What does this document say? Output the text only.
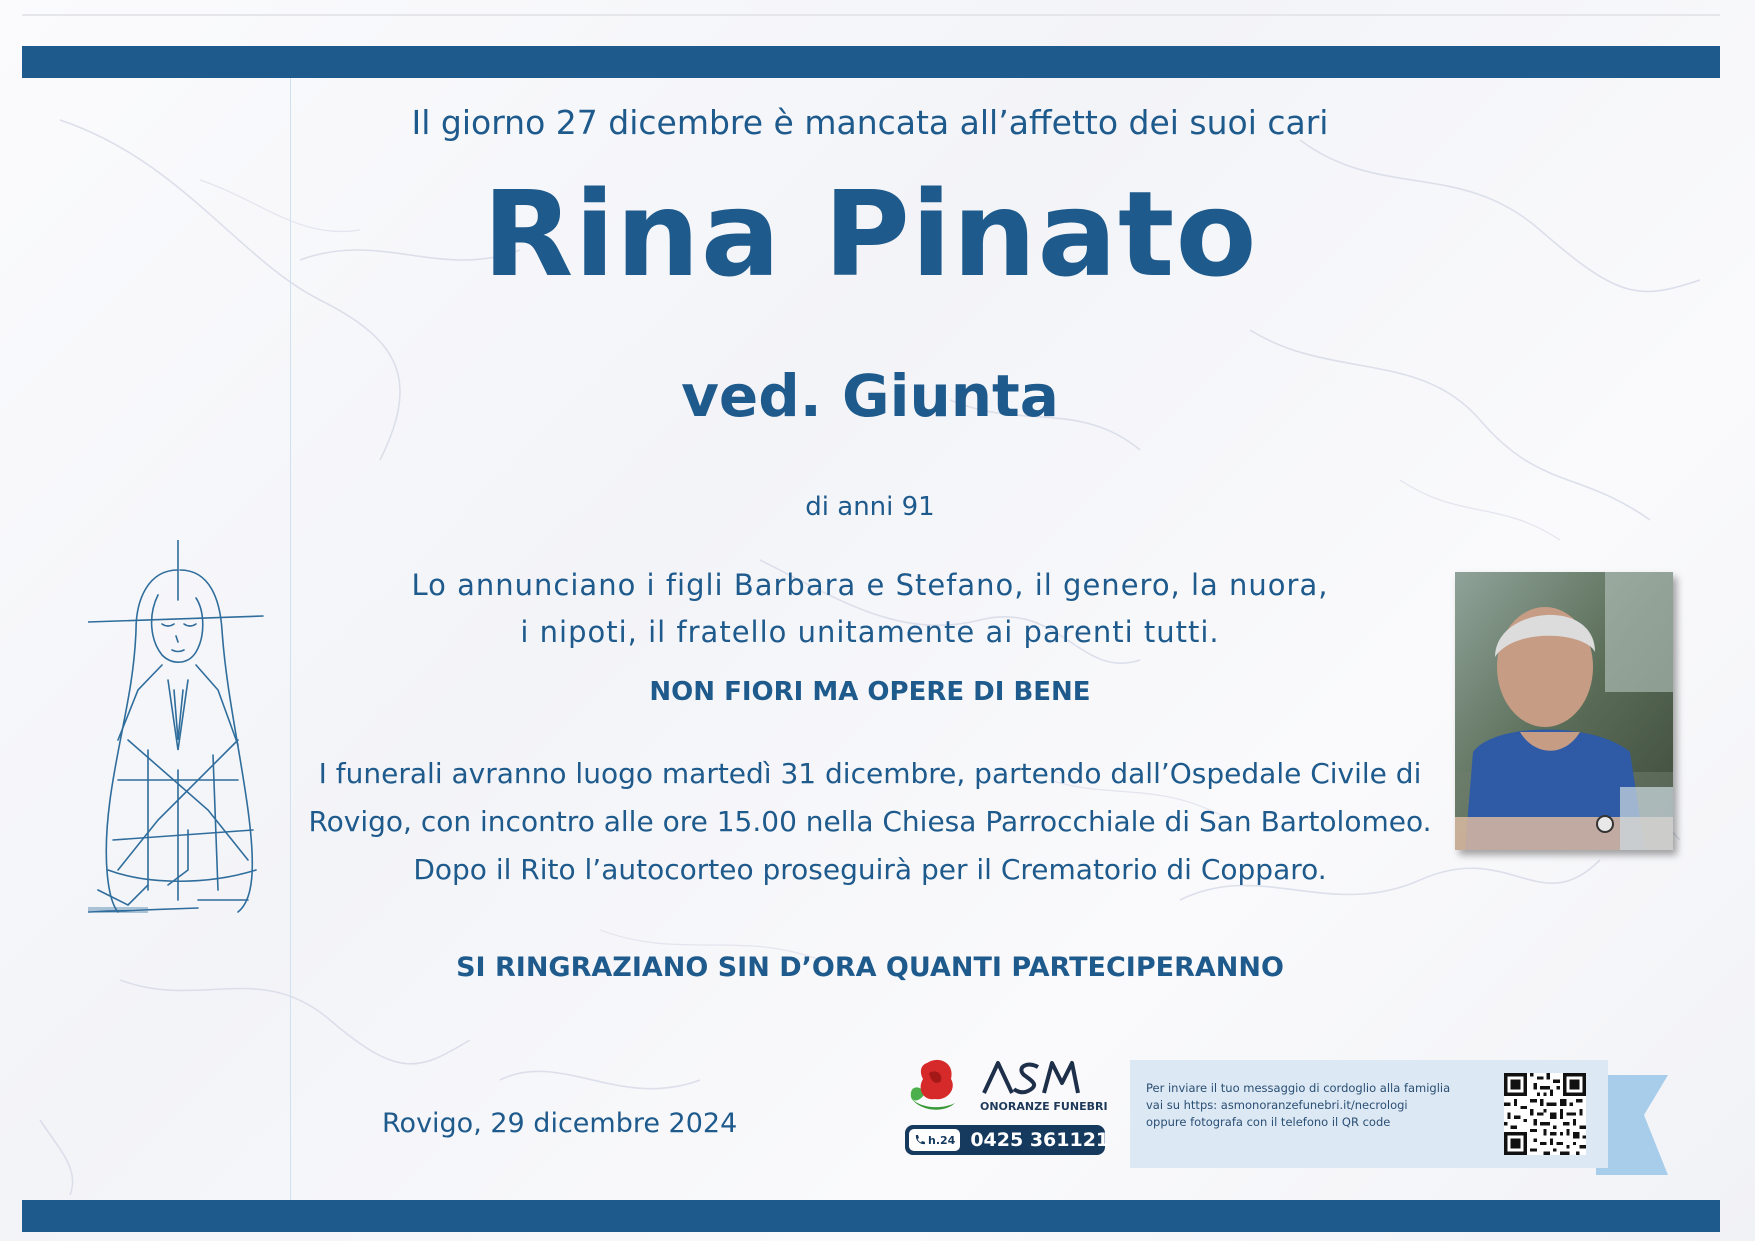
Il giorno 27 dicembre è mancata all’affetto dei suoi cari
Rina Pinato
ved. Giunta
di anni 91
Lo annunciano i figli Barbara e Stefano, il genero, la nuora,
i nipoti, il fratello unitamente ai parenti tutti.
NON FIORI MA OPERE DI BENE
I funerali avranno luogo martedì 31 dicembre, partendo dall’Ospedale Civile di
Rovigo, con incontro alle ore 15.00 nella Chiesa Parrocchiale di San Bartolomeo.
Dopo il Rito l’autocorteo proseguirà per il Crematorio di Copparo.
SI RINGRAZIANO SIN D’ORA QUANTI PARTECIPERANNO
Rovigo, 29 dicembre 2024
ONORANZE FUNEBRI
h.24 0425 361121
Per inviare il tuo messaggio di cordoglio alla famiglia
vai su https: asmonoranzefunebri.it/necrologi
oppure fotografa con il telefono il QR code
